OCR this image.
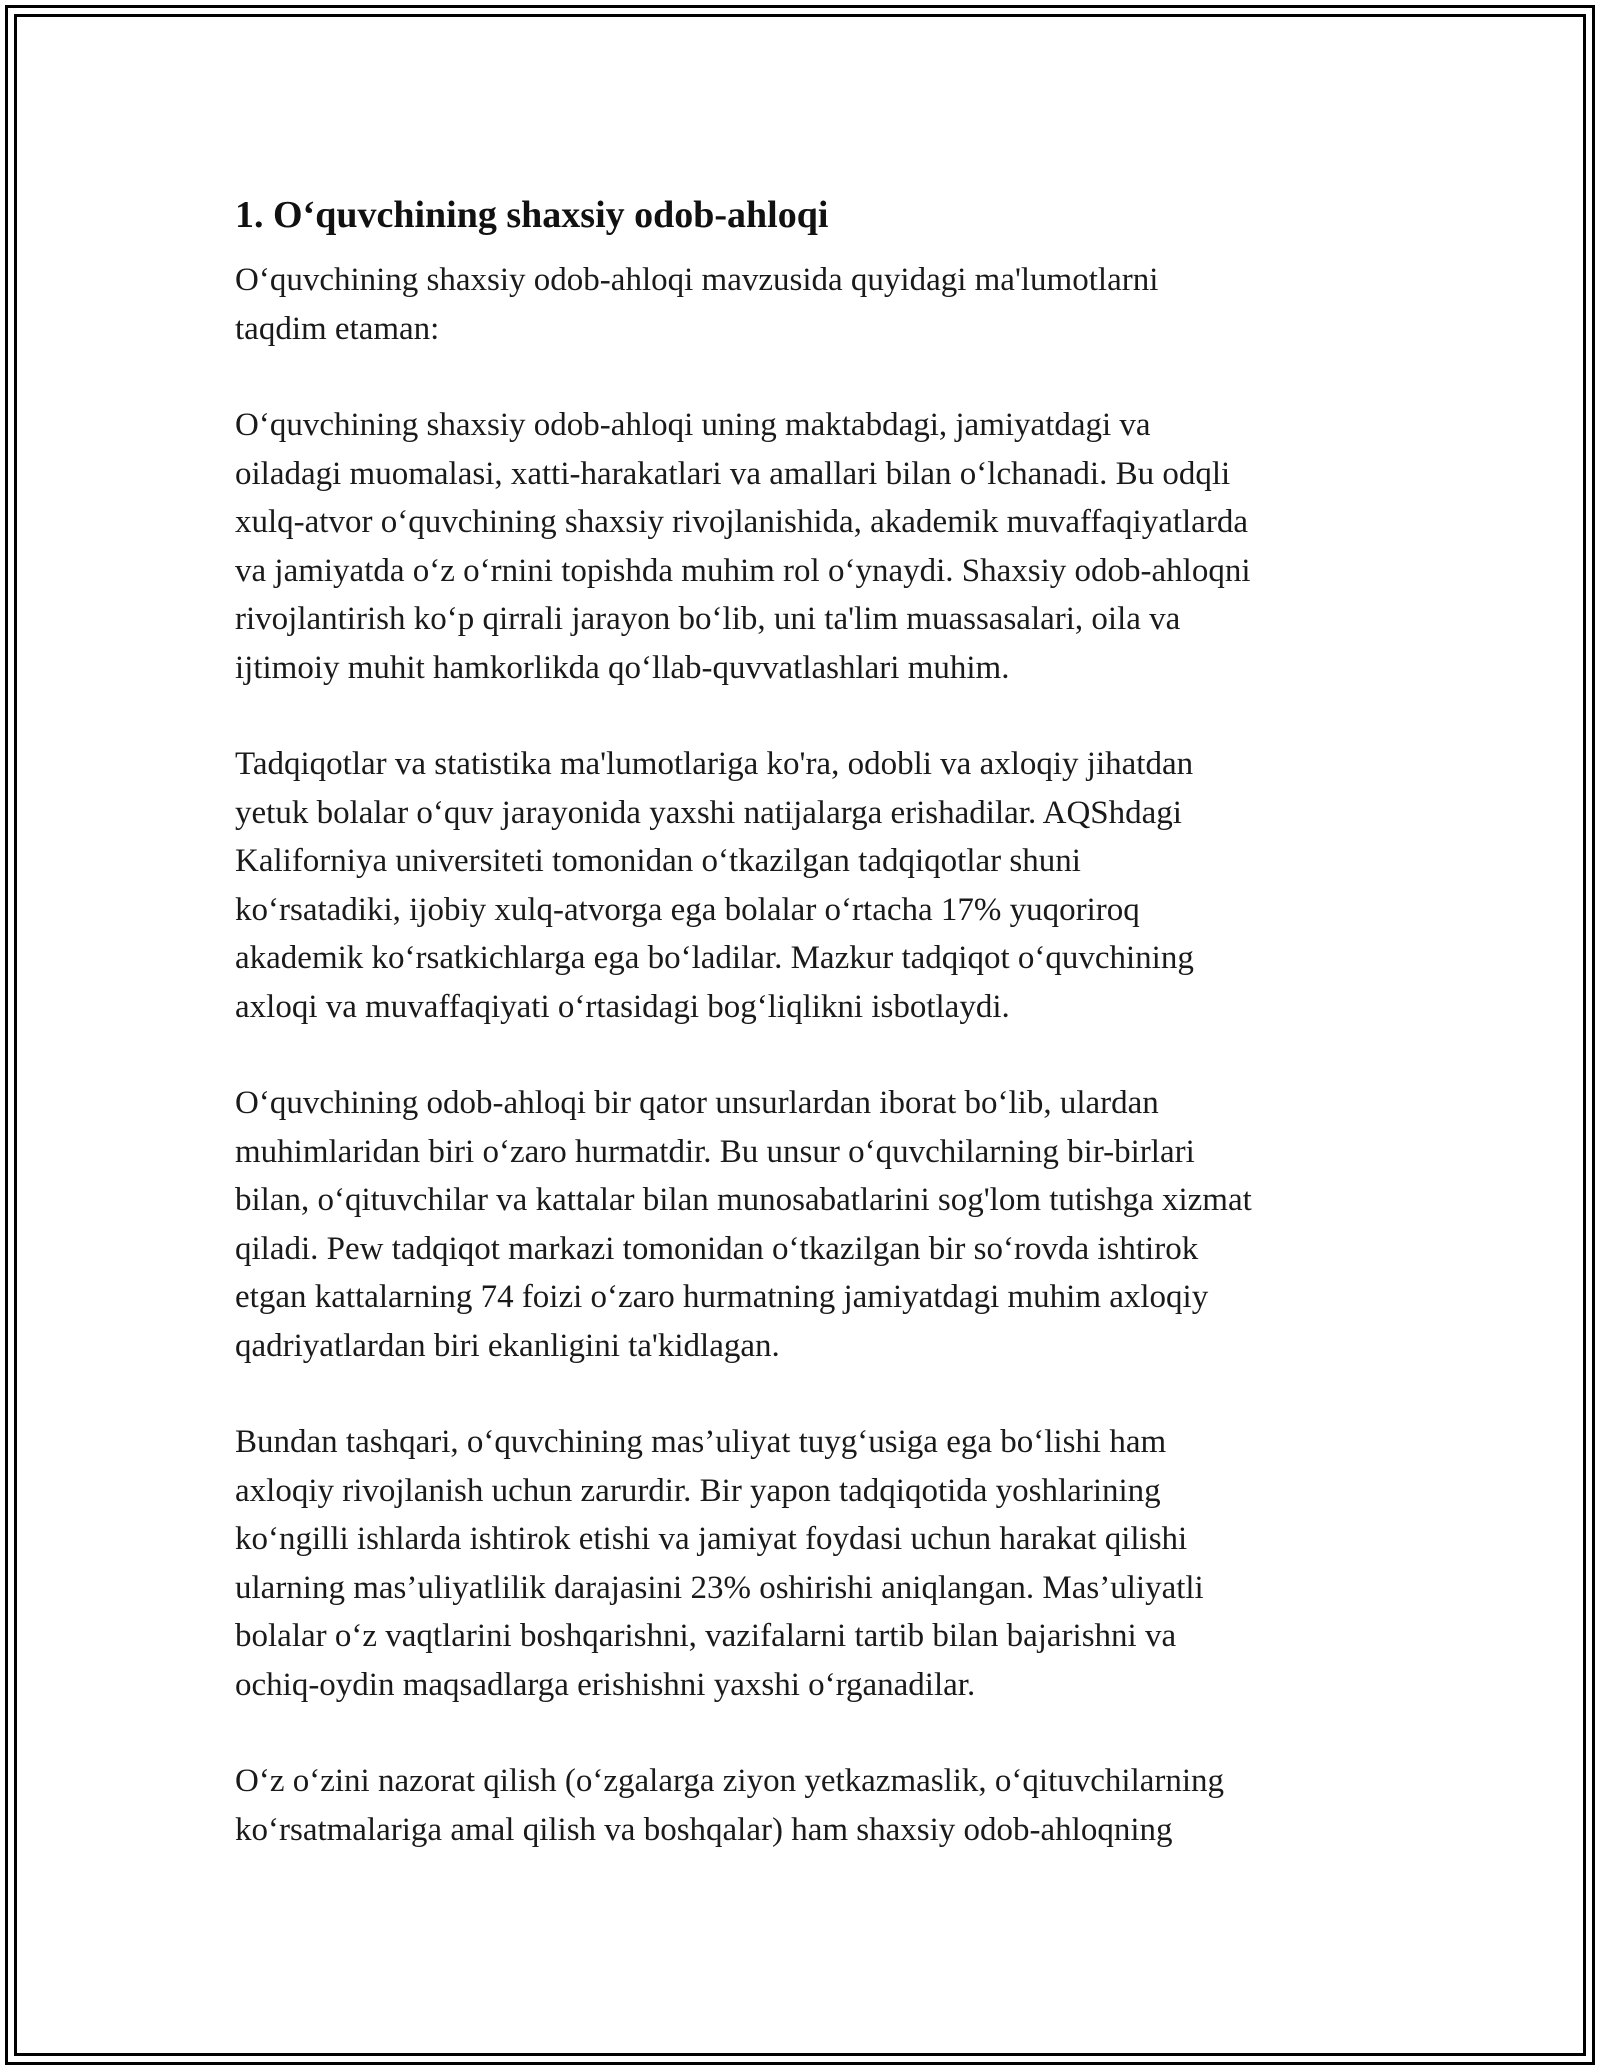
1. O‘quvchining shaxsiy odob-ahloqi

O‘quvchining shaxsiy odob-ahloqi mavzusida quyidagi ma'lumotlarni
taqdim etaman:

O‘quvchining shaxsiy odob-ahloqi uning maktabdagi, jamiyatdagi va
oiladagi muomalasi, xatti-harakatlari va amallari bilan o‘lchanadi. Bu odqli
xulq-atvor o‘quvchining shaxsiy rivojlanishida, akademik muvaffaqiyatlarda
va jamiyatda o‘z o‘rnini topishda muhim rol o‘ynaydi. Shaxsiy odob-ahloqni
rivojlantirish ko‘p qirrali jarayon bo‘lib, uni ta'lim muassasalari, oila va
ijtimoiy muhit hamkorlikda qo‘llab-quvvatlashlari muhim.

Tadqiqotlar va statistika ma'lumotlariga ko'ra, odobli va axloqiy jihatdan
yetuk bolalar o‘quv jarayonida yaxshi natijalarga erishadilar. AQShdagi
Kaliforniya universiteti tomonidan o‘tkazilgan tadqiqotlar shuni
ko‘rsatadiki, ijobiy xulq-atvorga ega bolalar o‘rtacha 17% yuqoriroq
akademik ko‘rsatkichlarga ega bo‘ladilar. Mazkur tadqiqot o‘quvchining
axloqi va muvaffaqiyati o‘rtasidagi bog‘liqlikni isbotlaydi.

O‘quvchining odob-ahloqi bir qator unsurlardan iborat bo‘lib, ulardan
muhimlaridan biri o‘zaro hurmatdir. Bu unsur o‘quvchilarning bir-birlari
bilan, o‘qituvchilar va kattalar bilan munosabatlarini sog'lom tutishga xizmat
qiladi. Pew tadqiqot markazi tomonidan o‘tkazilgan bir so‘rovda ishtirok
etgan kattalarning 74 foizi o‘zaro hurmatning jamiyatdagi muhim axloqiy
qadriyatlardan biri ekanligini ta'kidlagan.

Bundan tashqari, o‘quvchining mas’uliyat tuyg‘usiga ega bo‘lishi ham
axloqiy rivojlanish uchun zarurdir. Bir yapon tadqiqotida yoshlarining
ko‘ngilli ishlarda ishtirok etishi va jamiyat foydasi uchun harakat qilishi
ularning mas’uliyatlilik darajasini 23% oshirishi aniqlangan. Mas’uliyatli
bolalar o‘z vaqtlarini boshqarishni, vazifalarni tartib bilan bajarishni va
ochiq-oydin maqsadlarga erishishni yaxshi o‘rganadilar.

O‘z o‘zini nazorat qilish (o‘zgalarga ziyon yetkazmaslik, o‘qituvchilarning
ko‘rsatmalariga amal qilish va boshqalar) ham shaxsiy odob-ahloqning
